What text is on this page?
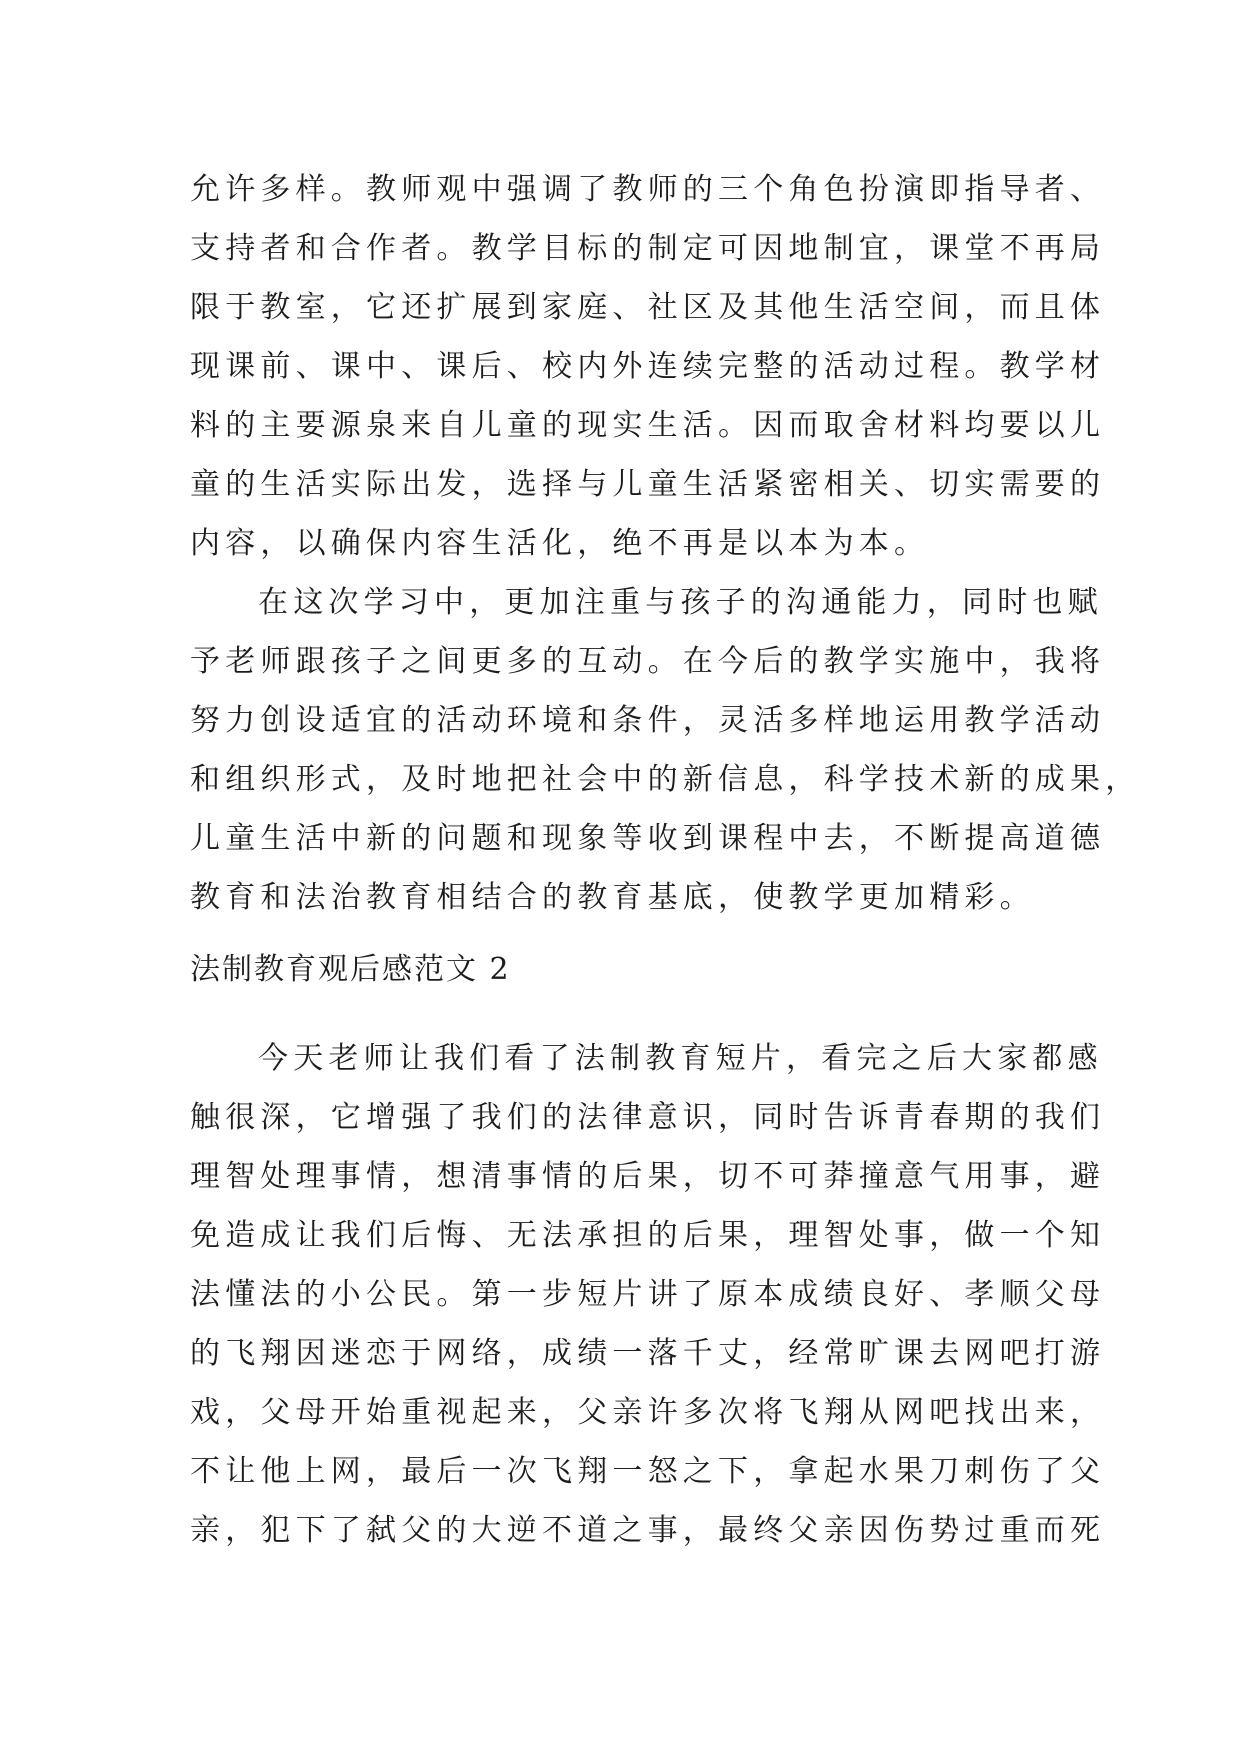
允许多样。教师观中强调了教师的三个角色扮演即指导者、
支持者和合作者。教学目标的制定可因地制宜，课堂不再局
限于教室，它还扩展到家庭、社区及其他生活空间，而且体
现课前、课中、课后、校内外连续完整的活动过程。教学材
料的主要源泉来自儿童的现实生活。因而取舍材料均要以儿
童的生活实际出发，选择与儿童生活紧密相关、切实需要的
内容，以确保内容生活化，绝不再是以本为本。
在这次学习中，更加注重与孩子的沟通能力，同时也赋
予老师跟孩子之间更多的互动。在今后的教学实施中，我将
努力创设适宜的活动环境和条件，灵活多样地运用教学活动
和组织形式，及时地把社会中的新信息，科学技术新的成果，
儿童生活中新的问题和现象等收到课程中去，不断提高道德
教育和法治教育相结合的教育基底，使教学更加精彩。
法制教育观后感范文 2
今天老师让我们看了法制教育短片，看完之后大家都感
触很深，它增强了我们的法律意识，同时告诉青春期的我们
理智处理事情，想清事情的后果，切不可莽撞意气用事，避
免造成让我们后悔、无法承担的后果，理智处事，做一个知
法懂法的小公民。第一步短片讲了原本成绩良好、孝顺父母
的飞翔因迷恋于网络，成绩一落千丈，经常旷课去网吧打游
戏，父母开始重视起来，父亲许多次将飞翔从网吧找出来，
不让他上网，最后一次飞翔一怒之下，拿起水果刀刺伤了父
亲，犯下了弑父的大逆不道之事，最终父亲因伤势过重而死
